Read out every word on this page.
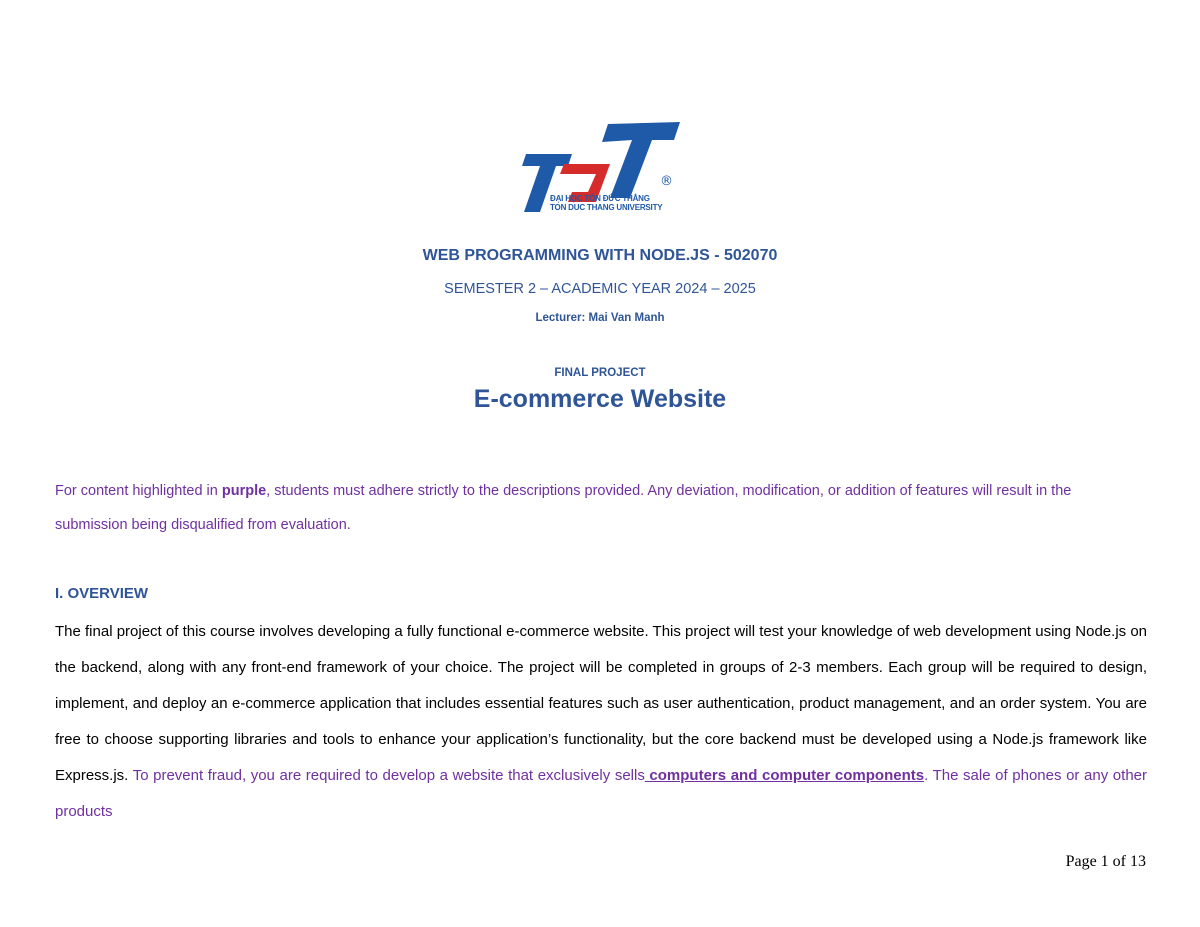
®
ĐẠI HỌC TÔN ĐỨC THẮNG
TON DUC THANG UNIVERSITY
WEB PROGRAMMING WITH NODE.JS - 502070
SEMESTER 2 – ACADEMIC YEAR 2024 – 2025
Lecturer: Mai Van Manh
FINAL PROJECT
E-commerce Website
For content highlighted in purple, students must adhere strictly to the descriptions provided. Any deviation, modification, or addition of features will result in the submission being disqualified from evaluation.
I. OVERVIEW
The final project of this course involves developing a fully functional e-commerce website. This project will test your knowledge of web development using Node.js on the backend, along with any front-end framework of your choice. The project will be completed in groups of 2-3 members. Each group will be required to design, implement, and deploy an e-commerce application that includes essential features such as user authentication, product management, and an order system. You are free to choose supporting libraries and tools to enhance your application’s functionality, but the core backend must be developed using a Node.js framework like Express.js. To prevent fraud, you are required to develop a website that exclusively sells computers and computer components. The sale of phones or any other products
Page 1 of 13
